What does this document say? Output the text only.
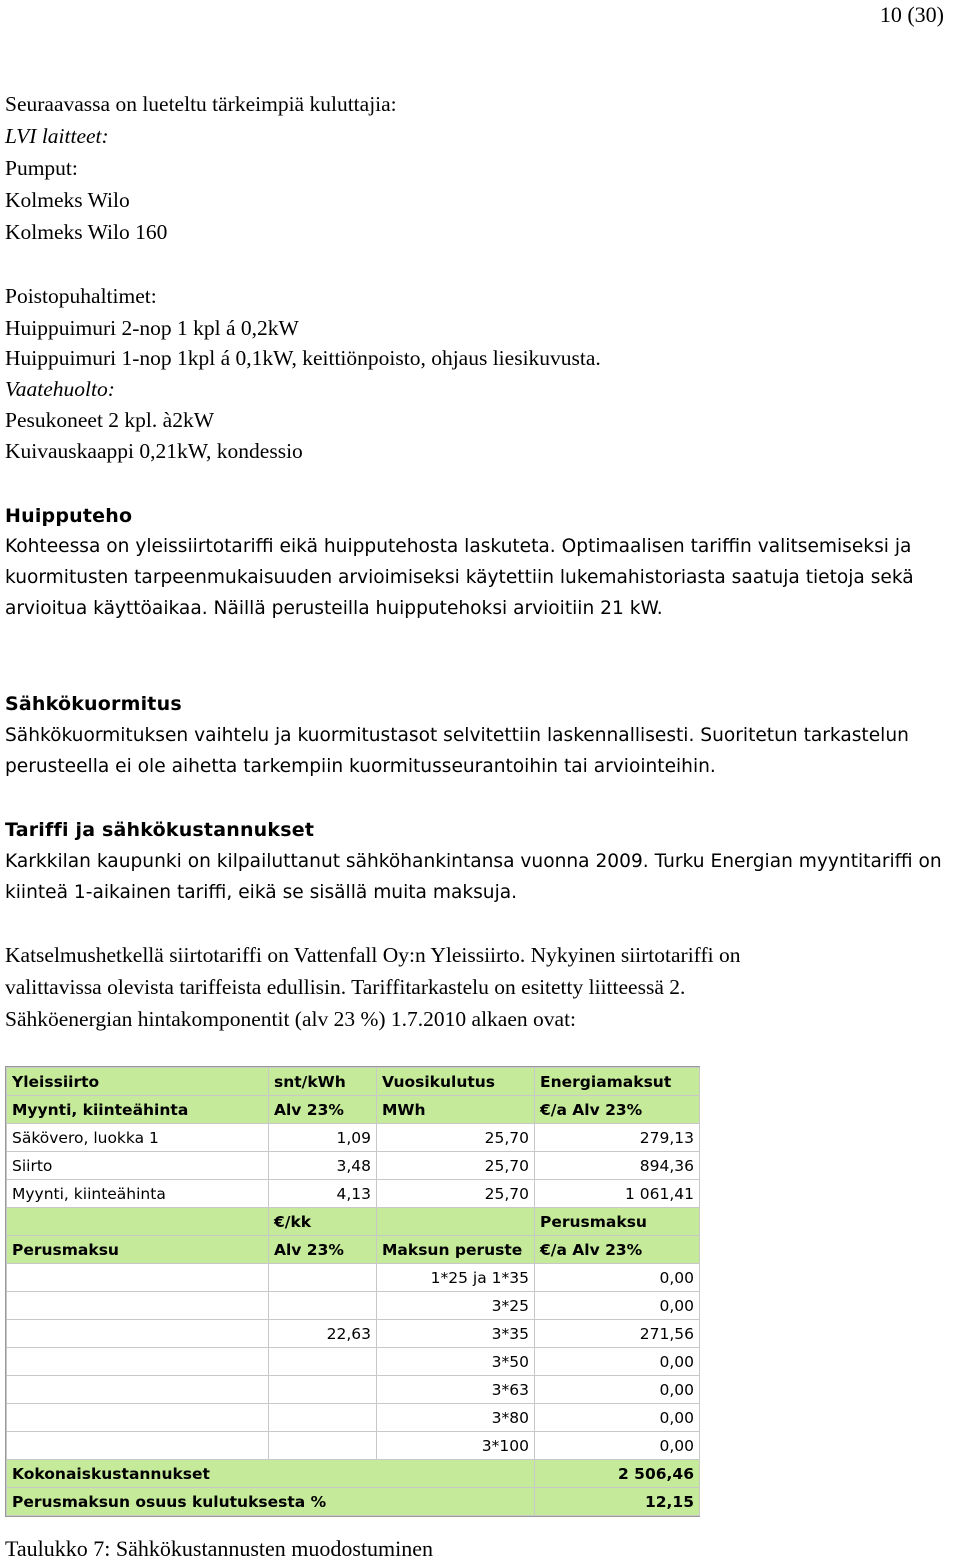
10 (30)
Seuraavassa on lueteltu tärkeimpiä kuluttajia:
LVI laitteet:
Pumput:
Kolmeks Wilo
Kolmeks Wilo 160
Poistopuhaltimet:
Huippuimuri 2-nop 1 kpl á 0,2kW
Huippuimuri 1-nop 1kpl á 0,1kW, keittiönpoisto, ohjaus liesikuvusta.
Vaatehuolto:
Pesukoneet 2 kpl. à2kW
Kuivauskaappi 0,21kW, kondessio
Huipputeho

Kohteessa on yleissiirtotariffi eikä huipputehosta laskuteta. Optimaalisen tariffin valitsemiseksi ja kuormitusten tarpeenmukaisuuden arvioimiseksi käytettiin lukemahistoriasta saatuja tietoja sekä arvioitua käyttöaikaa. Näillä perusteilla huipputehoksi arvioitiin 21 kW.

Sähkökuormitus

Sähkökuormituksen vaihtelu ja kuormitustasot selvitettiin laskennallisesti. Suoritetun tarkastelun perusteella ei ole aihetta tarkempiin kuormitusseurantoihin tai arviointeihin.

Tariffi ja sähkökustannukset

Karkkilan kaupunki on kilpailuttanut sähköhankintansa vuonna 2009. Turku Energian myyntitariffi on kiinteä 1-aikainen tariffi, eikä se sisällä muita maksuja.

Katselmushetkellä siirtotariffi on Vattenfall Oy:n Yleissiirto. Nykyinen siirtotariffi on
valittavissa olevista tariffeista edullisin. Tariffitarkastelu on esitetty liitteessä 2.
Sähköenergian hintakomponentit (alv 23 %) 1.7.2010 alkaen ovat:
Yleissiirto	snt/kWh	Vuosikulutus	Energiamaksut
Myynti, kiinteähinta	Alv 23%	MWh	€/a Alv 23%
Säkövero, luokka 1	1,09	25,70	279,13
Siirto	3,48	25,70	894,36
Myynti, kiinteähinta	4,13	25,70	1 061,41
	€/kk		Perusmaksu
Perusmaksu	Alv 23%	Maksun peruste	€/a Alv 23%
		1*25 ja 1*35	0,00
		3*25	0,00
	22,63	3*35	271,56
		3*50	0,00
		3*63	0,00
		3*80	0,00
		3*100	0,00
Kokonaiskustannukset			2 506,46
Perusmaksun osuus kulutuksesta %			12,15
Taulukko 7: Sähkökustannusten muodostuminen
